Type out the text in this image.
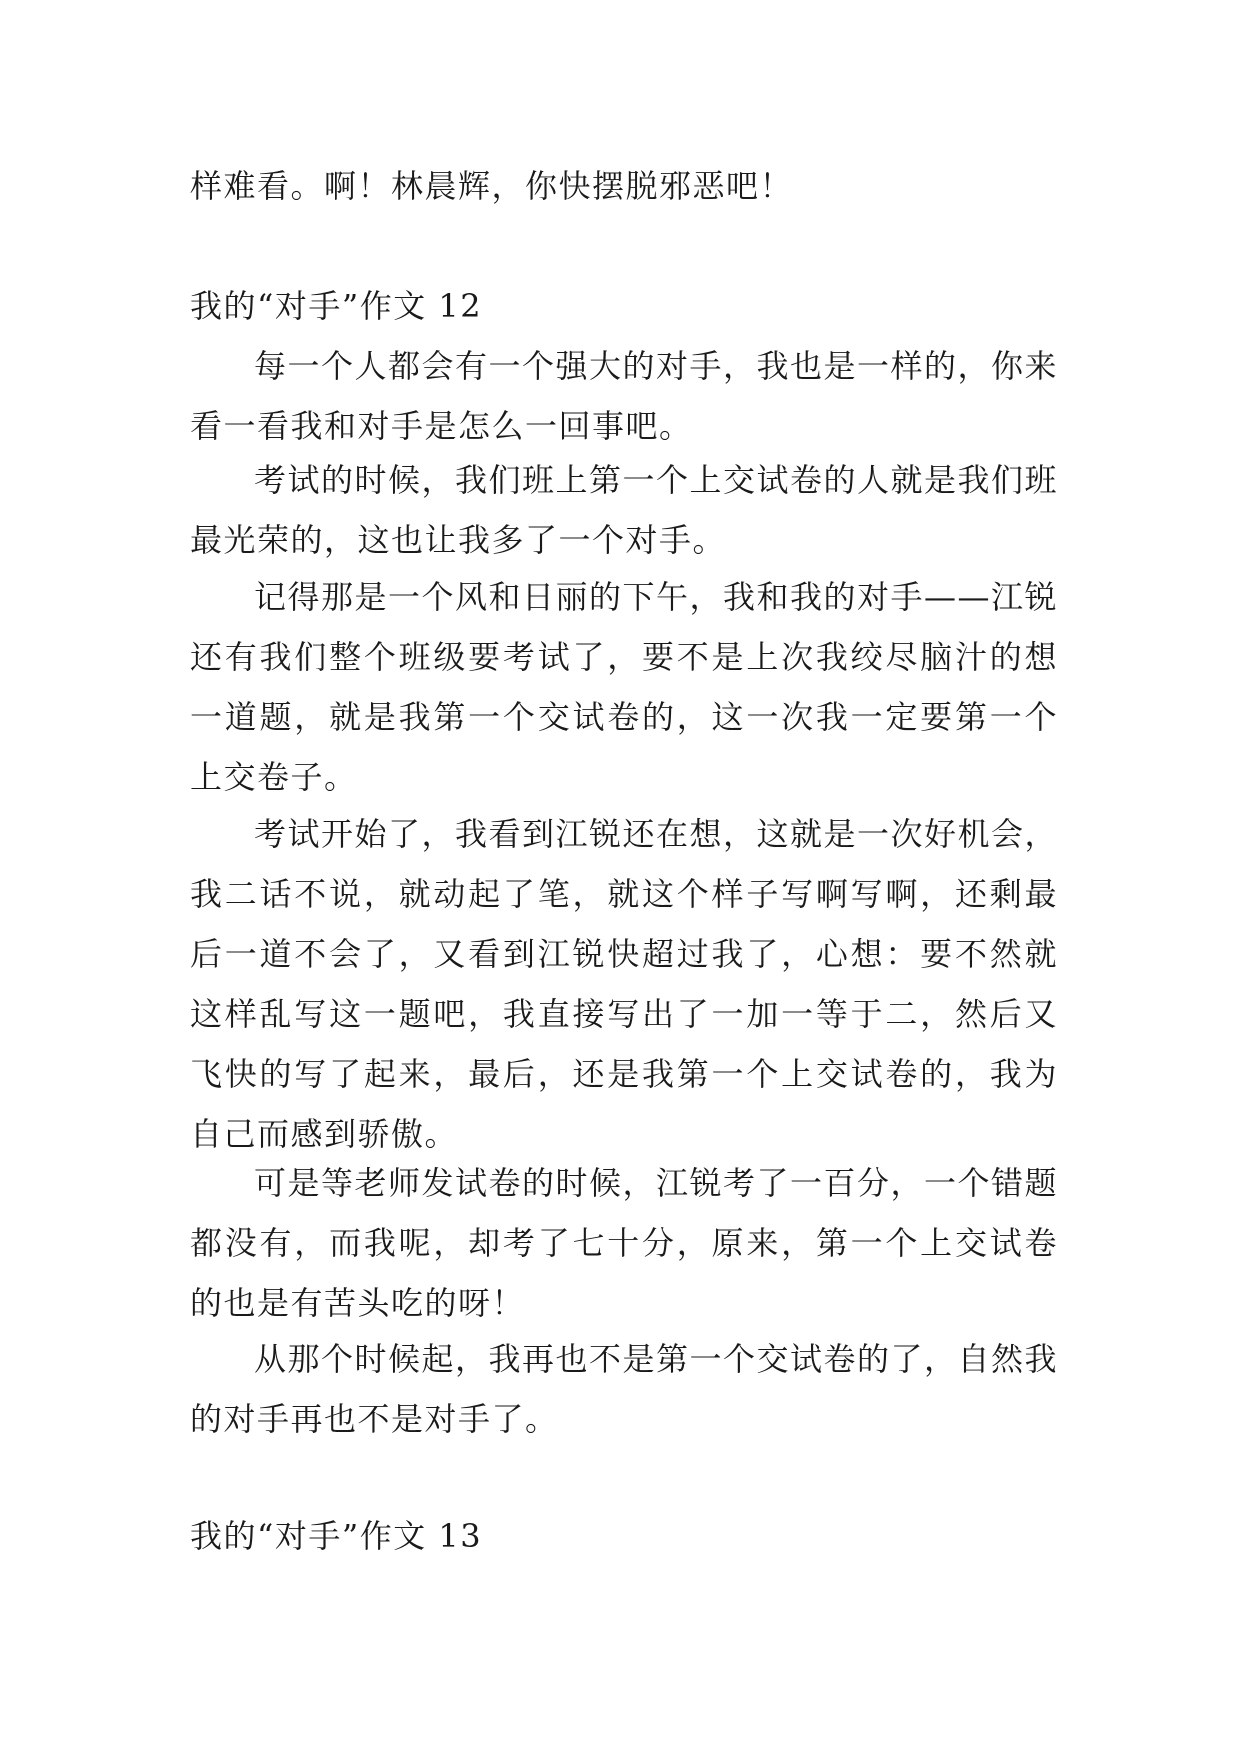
样难看。啊！林晨辉，你快摆脱邪恶吧！

我的“对手”作文 12

每一个人都会有一个强大的对手，我也是一样的，你来看一看我和对手是怎么一回事吧。

考试的时候，我们班上第一个上交试卷的人就是我们班最光荣的，这也让我多了一个对手。

记得那是一个风和日丽的下午，我和我的对手——江锐还有我们整个班级要考试了，要不是上次我绞尽脑汁的想一道题，就是我第一个交试卷的，这一次我一定要第一个上交卷子。

考试开始了，我看到江锐还在想，这就是一次好机会，我二话不说，就动起了笔，就这个样子写啊写啊，还剩最后一道不会了，又看到江锐快超过我了，心想：要不然就这样乱写这一题吧，我直接写出了一加一等于二，然后又飞快的写了起来，最后，还是我第一个上交试卷的，我为自己而感到骄傲。

可是等老师发试卷的时候，江锐考了一百分，一个错题都没有，而我呢，却考了七十分，原来，第一个上交试卷的也是有苦头吃的呀！

从那个时候起，我再也不是第一个交试卷的了，自然我的对手再也不是对手了。

我的“对手”作文 13
